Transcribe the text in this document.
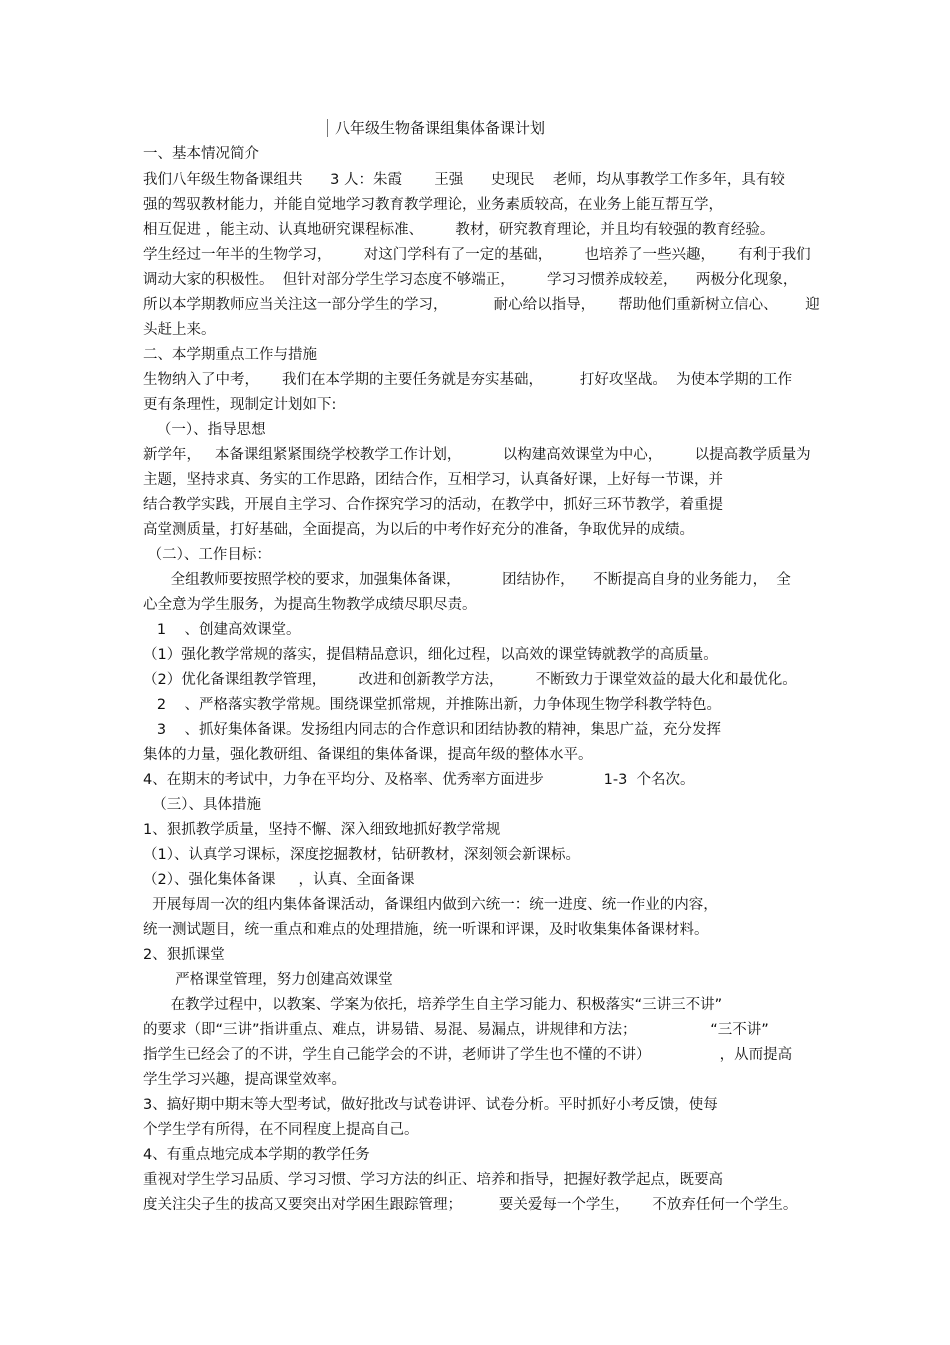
八年级生物备课组集体备课计划
一、基本情况简介
我们八年级生物备课组共      3 人：朱霞       王强      史现民    老师，均从事教学工作多年，具有较
强的驾驭教材能力，并能自觉地学习教育教学理论，业务素质较高，在业务上能互帮互学，
相互促进 ，能主动、认真地研究课程标准、       教材，研究教育理论，并且均有较强的教育经验。
学生经过一年半的生物学习，       对这门学科有了一定的基础，       也培养了一些兴趣，     有利于我们
调动大家的积极性。  但针对部分学生学习态度不够端正，       学习习惯养成较差，    两极分化现象，
所以本学期教师应当关注这一部分学生的学习，          耐心给以指导，     帮助他们重新树立信心、      迎
头赶上来。
二、本学期重点工作与措施
生物纳入了中考，     我们在本学期的主要任务就是夯实基础，        打好攻坚战。  为使本学期的工作
更有条理性，现制定计划如下:
（一）、指导思想
新学年，   本备课组紧紧围绕学校教学工作计划，         以构建高效课堂为中心，       以提高教学质量为
主题，坚持求真、务实的工作思路，团结合作，互相学习，认真备好课，上好每一节课，并
结合教学实践，开展自主学习、合作探究学习的活动，在教学中，抓好三环节教学，着重提
高堂测质量，打好基础，全面提高，为以后的中考作好充分的准备，争取优异的成绩。
（二）、工作目标：
全组教师要按照学校的要求，加强集体备课，         团结协作，    不断提高自身的业务能力，  全
心全意为学生服务，为提高生物教学成绩尽职尽责。
1    、创建高效课堂。
（1）强化教学常规的落实，提倡精品意识，细化过程，以高效的课堂铸就教学的高质量。
（2）优化备课组教学管理，       改进和创新教学方法，       不断致力于课堂效益的最大化和最优化。
2    、严格落实教学常规。围绕课堂抓常规，并推陈出新，力争体现生物学科教学特色。
3    、抓好集体备课。发扬组内同志的合作意识和团结协教的精神，集思广益，充分发挥
集体的力量，强化教研组、备课组的集体备课，提高年级的整体水平。
4、在期末的考试中，力争在平均分、及格率、优秀率方面进步             1-3  个名次。
（三）、具体措施
1、狠抓教学质量，坚持不懈、深入细致地抓好教学常规
（1）、认真学习课标，深度挖掘教材，钻研教材，深刻领会新课标。
（2）、强化集体备课     ，认真、全面备课
开展每周一次的组内集体备课活动，备课组内做到六统一：统一进度、统一作业的内容，
统一测试题目，统一重点和难点的处理措施，统一听课和评课，及时收集集体备课材料。
2、狠抓课堂
严格课堂管理，努力创建高效课堂
在教学过程中，以教案、学案为依托，培养学生自主学习能力、积极落实“三讲三不讲”
的要求（即“三讲”指讲重点、难点，讲易错、易混、易漏点，讲规律和方法；                “三不讲”
指学生已经会了的不讲，学生自己能学会的不讲，老师讲了学生也不懂的不讲）               ，从而提高
学生学习兴趣，提高课堂效率。
3、搞好期中期末等大型考试，做好批改与试卷讲评、试卷分析。平时抓好小考反馈，使每
个学生学有所得，在不同程度上提高自己。
4、有重点地完成本学期的教学任务
重视对学生学习品质、学习习惯、学习方法的纠正、培养和指导，把握好教学起点，既要高
度关注尖子生的拔高又要突出对学困生跟踪管理；        要关爱每一个学生，     不放弃任何一个学生。
